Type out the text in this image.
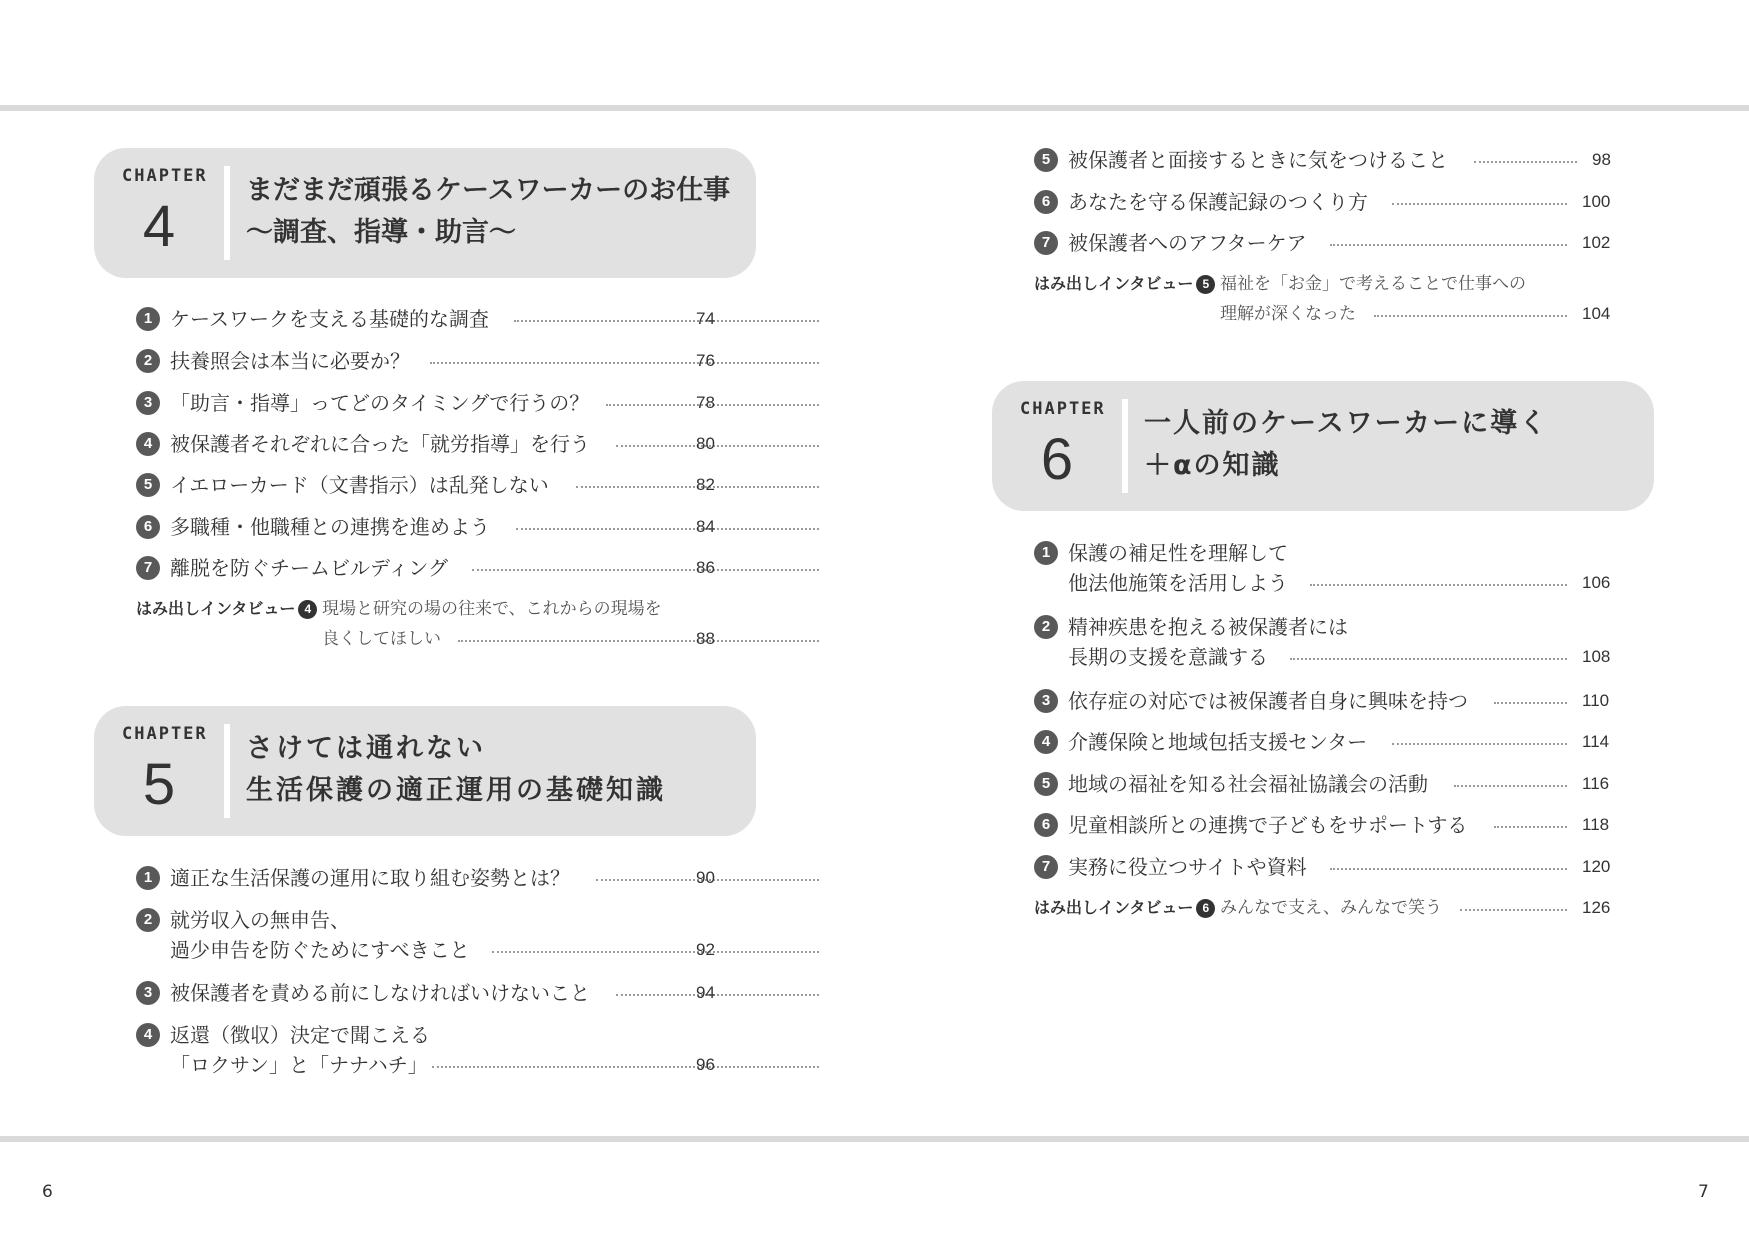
CHAPTER
4
まだまだ頑張るケースワーカーのお仕事
～調査、指導・助言～
1 ケースワークを支える基礎的な調査	74
2 扶養照会は本当に必要か？	76
3 「助言・指導」ってどのタイミングで行うの？	78
4 被保護者それぞれに合った「就労指導」を行う	80
5 イエローカード（文書指示）は乱発しない	82
6 多職種・他職種との連携を進めよう	84
7 離脱を防ぐチームビルディング	86
はみ出しインタビュー 4 現場と研究の場の往来で、これからの現場を
良くしてほしい	88
CHAPTER
5
さけては通れない
生活保護の適正運用の基礎知識
1 適正な生活保護の運用に取り組む姿勢とは？	90
2 就労収入の無申告、
過少申告を防ぐためにすべきこと	92
3 被保護者を責める前にしなければいけないこと	94
4 返還（徴収）決定で聞こえる
「ロクサン」と「ナナハチ」	96
5 被保護者と面接するときに気をつけること	98
6 あなたを守る保護記録のつくり方	100
7 被保護者へのアフターケア	102
はみ出しインタビュー 5 福祉を「お金」で考えることで仕事への
理解が深くなった	104
CHAPTER
6
一人前のケースワーカーに導く
＋αの知識
1 保護の補足性を理解して
他法他施策を活用しよう	106
2 精神疾患を抱える被保護者には
長期の支援を意識する	108
3 依存症の対応では被保護者自身に興味を持つ	110
4 介護保険と地域包括支援センター	114
5 地域の福祉を知る社会福祉協議会の活動	116
6 児童相談所との連携で子どもをサポートする	118
7 実務に役立つサイトや資料	120
はみ出しインタビュー 6 みんなで支え、みんなで笑う	126
6	7
